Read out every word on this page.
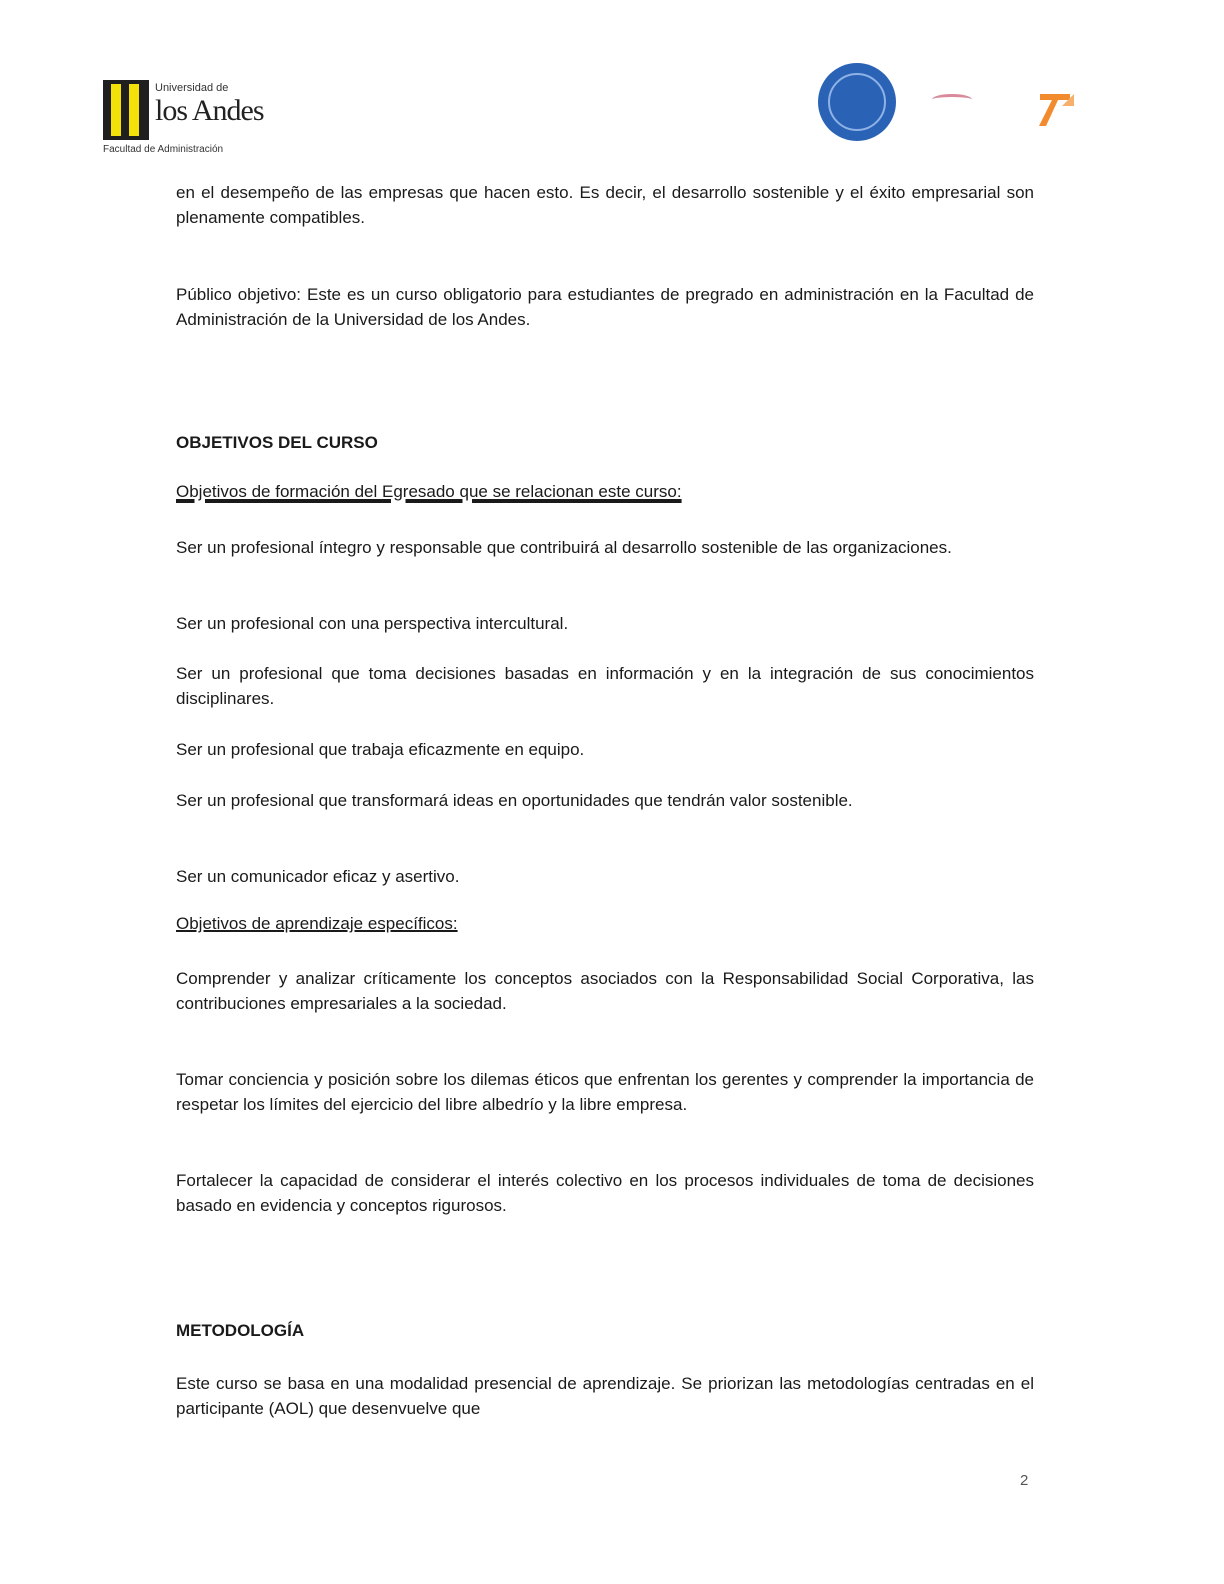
Universidad de
los Andes
Facultad de Administración

en el desempeño de las empresas que hacen esto. Es decir, el desarrollo sostenible y el éxito empresarial son plenamente compatibles.

Público objetivo: Este es un curso obligatorio para estudiantes de pregrado en administración en la Facultad de Administración de la Universidad de los Andes.

OBJETIVOS DEL CURSO
Objetivos de formación del Egresado que se relacionan este curso:

Ser un profesional íntegro y responsable que contribuirá al desarrollo sostenible de las organizaciones.

Ser un profesional con una perspectiva intercultural.

Ser un profesional que toma decisiones basadas en información y en la integración de sus conocimientos disciplinares.

Ser un profesional que trabaja eficazmente en equipo.

Ser un profesional que transformará ideas en oportunidades que tendrán valor sostenible.

Ser un comunicador eficaz y asertivo.

Objetivos de aprendizaje específicos:

Comprender y analizar críticamente los conceptos asociados con la Responsabilidad Social Corporativa, las contribuciones empresariales a la sociedad.

Tomar conciencia y posición sobre los dilemas éticos que enfrentan los gerentes y comprender la importancia de respetar los límites del ejercicio del libre albedrío y la libre empresa.

Fortalecer la capacidad de considerar el interés colectivo en los procesos individuales de toma de decisiones basado en evidencia y conceptos rigurosos.

METODOLOGÍA

Este curso se basa en una modalidad presencial de aprendizaje. Se priorizan las metodologías centradas en el participante (AOL) que desenvuelve que

2
